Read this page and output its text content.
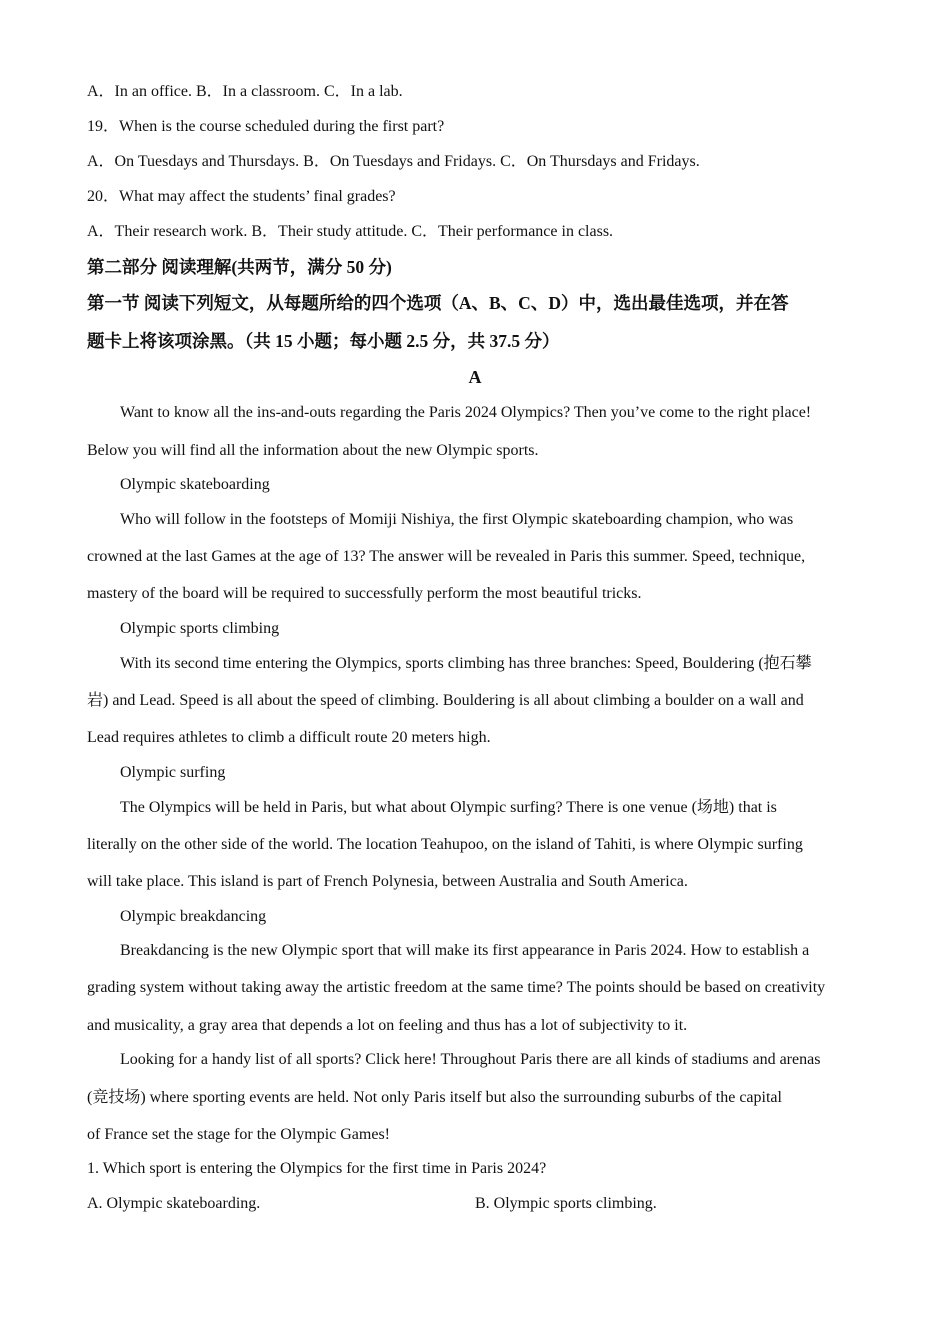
A．In an office. B．In a classroom. C．In a lab.
19．When is the course scheduled during the first part?
A．On Tuesdays and Thursdays. B．On Tuesdays and Fridays. C．On Thursdays and Fridays.
20．What may affect the students’ final grades?
A．Their research work. B．Their study attitude. C．Their performance in class.
第二部分 阅读理解(共两节，满分 50 分)
第一节 阅读下列短文，从每题所给的四个选项（A、B、C、D）中，选出最佳选项，并在答
题卡上将该项涂黑。（共 15 小题；每小题 2.5 分，共 37.5 分）
A
Want to know all the ins-and-outs regarding the Paris 2024 Olympics? Then you’ve come to the right place!
Below you will find all the information about the new Olympic sports.
Olympic skateboarding
Who will follow in the footsteps of Momiji Nishiya, the first Olympic skateboarding champion, who was
crowned at the last Games at the age of 13? The answer will be revealed in Paris this summer. Speed, technique,
mastery of the board will be required to successfully perform the most beautiful tricks.
Olympic sports climbing
With its second time entering the Olympics, sports climbing has three branches: Speed, Bouldering (抱石攀
岩) and Lead. Speed is all about the speed of climbing. Bouldering is all about climbing a boulder on a wall and
Lead requires athletes to climb a difficult route 20 meters high.
Olympic surfing
The Olympics will be held in Paris, but what about Olympic surfing? There is one venue (场地) that is
literally on the other side of the world. The location Teahupoo, on the island of Tahiti, is where Olympic surfing
will take place. This island is part of French Polynesia, between Australia and South America.
Olympic breakdancing
Breakdancing is the new Olympic sport that will make its first appearance in Paris 2024. How to establish a
grading system without taking away the artistic freedom at the same time? The points should be based on creativity
and musicality, a gray area that depends a lot on feeling and thus has a lot of subjectivity to it.
Looking for a handy list of all sports? Click here! Throughout Paris there are all kinds of stadiums and arenas
(竞技场) where sporting events are held. Not only Paris itself but also the surrounding suburbs of the capital
of France set the stage for the Olympic Games!
1. Which sport is entering the Olympics for the first time in Paris 2024?
A. Olympic skateboarding.	B. Olympic sports climbing.
